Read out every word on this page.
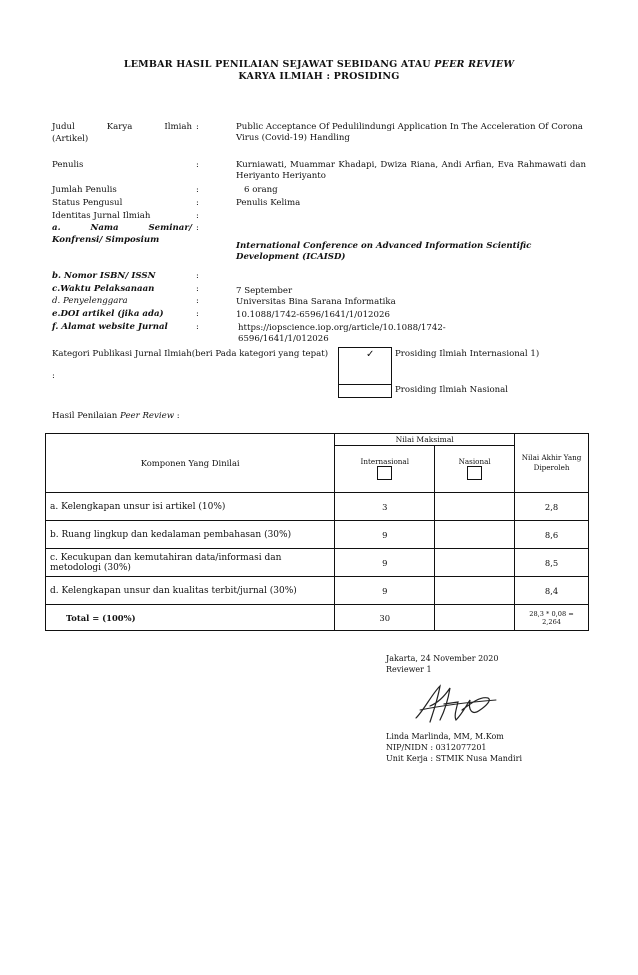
LEMBAR HASIL PENILAIAN SEJAWAT SEBIDANG ATAU PEER REVIEW
KARYA ILMIAH : PROSIDING
Judul	Karya	Ilmiah
(Artikel)
:	Public Acceptance Of Pedulilindungi Application In The Acceleration Of Corona Virus (Covid-19) Handling
Penulis	:	Kurniawati, Muammar Khadapi, Dwiza Riana, Andi Arfian, Eva Rahmawati dan Heriyanto Heriyanto
Jumlah Penulis	:	6 orang
Status Pengusul	:	Penulis Kelima
Identitas Jurnal Ilmiah	:
a.	Nama	Seminar/
Konfrensi/ Simposium
:
International Conference on Advanced Information Scientific Development (ICAISD)
b. Nomor ISBN/ ISSN	:
c.Waktu Pelaksanaan	:	7 September
d. Penyelenggara	:	Universitas Bina Sarana Informatika
e.DOI artikel (jika ada)	:	10.1088/1742-6596/1641/1/012026
f. Alamat website Jurnal	:	https://iopscience.iop.org/article/10.1088/1742-6596/1641/1/012026
Kategori Publikasi Jurnal Ilmiah(beri Pada kategori yang tepat)
:
✓ Prosiding Ilmiah Internasional 1)
Prosiding Ilmiah Nasional
Hasil Penilaian Peer Review :
Komponen Yang Dinilai	Nilai Maksimal		Nilai Akhir Yang Diperoleh

	Internasional	Nasional	

a. Kelengkapan unsur isi artikel (10%)	3		2,8
b. Ruang lingkup dan kedalaman pembahasan (30%)	9		8,6
c. Kecukupan dan kemutahiran data/informasi dan metodologi (30%)	9		8,5
d. Kelengkapan unsur dan kualitas terbit/jurnal (30%)	9		8,4
Total = (100%)	30		28,3 * 0,08 = 2,264
Jakarta, 24 November 2020
Reviewer 1
Linda Marlinda, MM, M.Kom
NIP/NIDN : 0312077201
Unit Kerja : STMIK Nusa Mandiri
